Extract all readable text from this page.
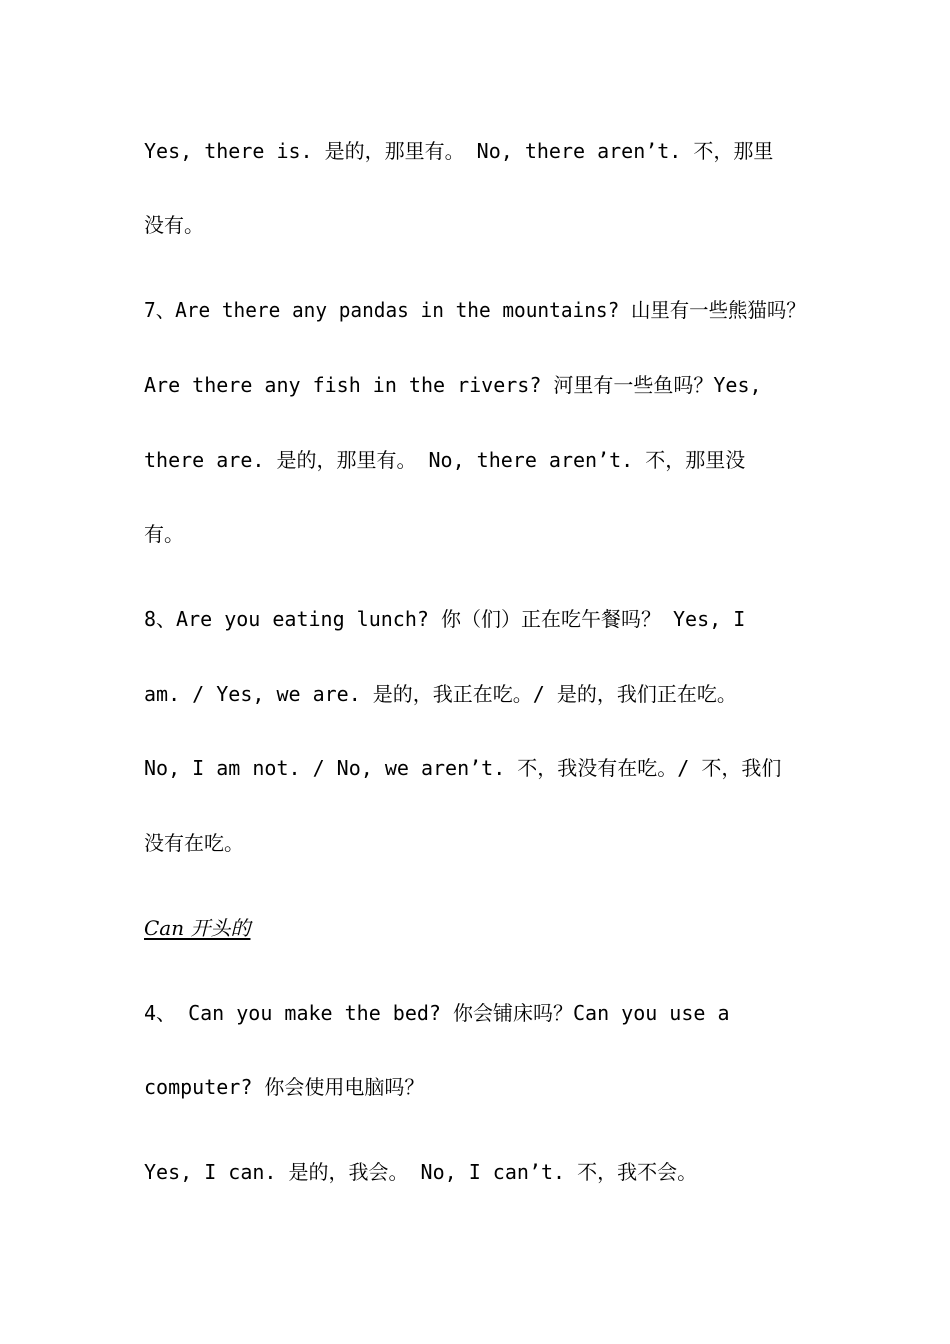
Yes, there is. 是的，那里有。 No, there aren’t. 不，那里
没有。
7、Are there any pandas in the mountains? 山里有一些熊猫吗？
Are there any fish in the rivers? 河里有一些鱼吗？Yes,
there are. 是的，那里有。 No, there aren’t. 不，那里没
有。
8、Are you eating lunch? 你（们）正在吃午餐吗？ Yes, I
am. / Yes, we are. 是的，我正在吃。/ 是的，我们正在吃。
No, I am not. / No, we aren’t. 不，我没有在吃。/ 不，我们
没有在吃。
Can 开头的
4、 Can you make the bed? 你会铺床吗？Can you use a
computer? 你会使用电脑吗？
Yes, I can. 是的，我会。 No, I can’t. 不，我不会。
